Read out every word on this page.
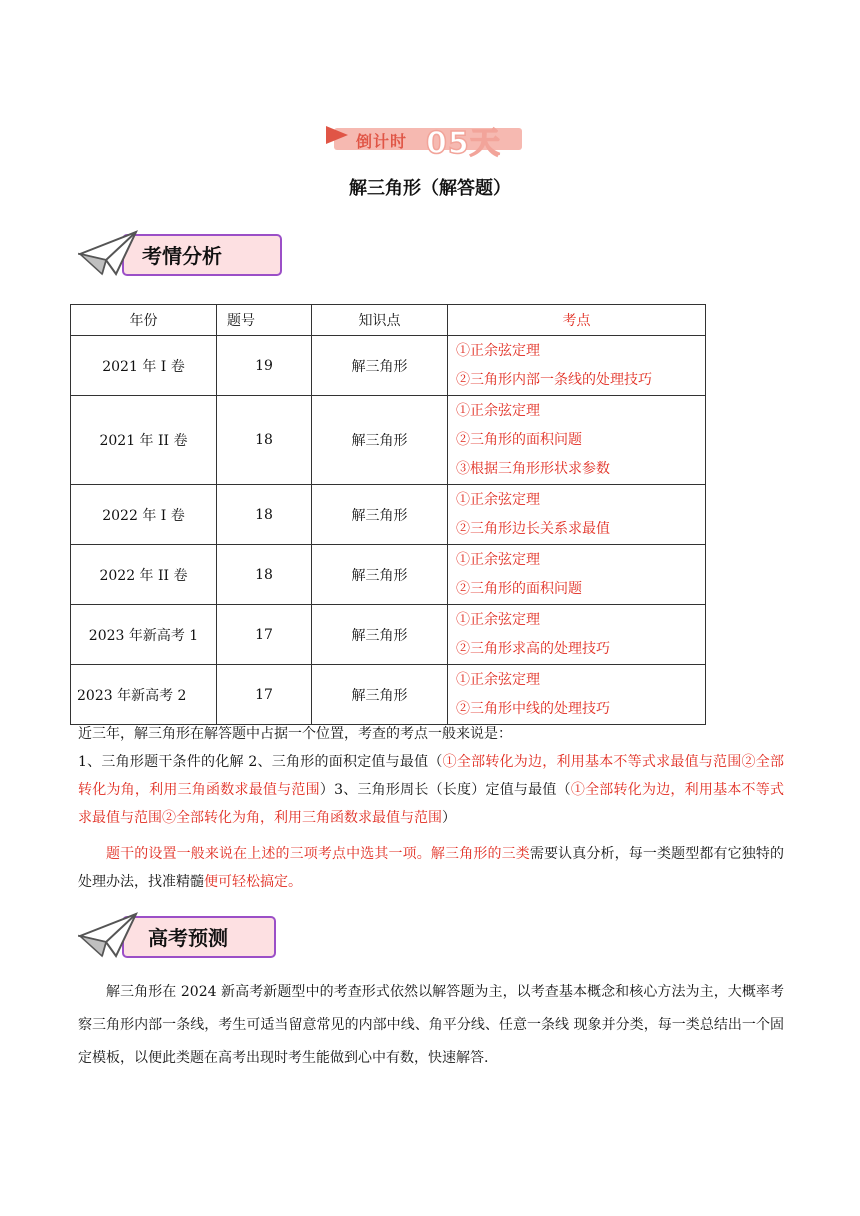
倒计时 05天
解三角形（解答题）
考情分析
年份	题号	知识点	考点
2021 年 I 卷	19	解三角形	①正余弦定理
②三角形内部一条线的处理技巧

2021 年 II 卷	18	解三角形	①正余弦定理
②三角形的面积问题
③根据三角形形状求参数

2022 年 I 卷	18	解三角形	①正余弦定理
②三角形边长关系求最值

2022 年 II 卷	18	解三角形	①正余弦定理
②三角形的面积问题

2023 年新高考 1	17	解三角形	①正余弦定理
②三角形求高的处理技巧

2023 年新高考 2	17	解三角形	①正余弦定理
②三角形中线的处理技巧
近三年，解三角形在解答题中占据一个位置，考查的考点一般来说是：
1、三角形题干条件的化解 2、三角形的面积定值与最值（①全部转化为边，利用基本不等式求最值与范围②全部转化为角，利用三角函数求最值与范围）3、三角形周长（长度）定值与最值（①全部转化为边，利用基本不等式求最值与范围②全部转化为角，利用三角函数求最值与范围）
题干的设置一般来说在上述的三项考点中选其一项。解三角形的三类需要认真分析，每一类题型都有它独特的处理办法，找准精髓便可轻松搞定。
高考预测
解三角形在 2024 新高考新题型中的考查形式依然以解答题为主，以考查基本概念和核心方法为主，大概率考察三角形内部一条线，考生可适当留意常见的内部中线、角平分线、任意一条线 现象并分类，每一类总结出一个固定模板，以便此类题在高考出现时考生能做到心中有数，快速解答.
